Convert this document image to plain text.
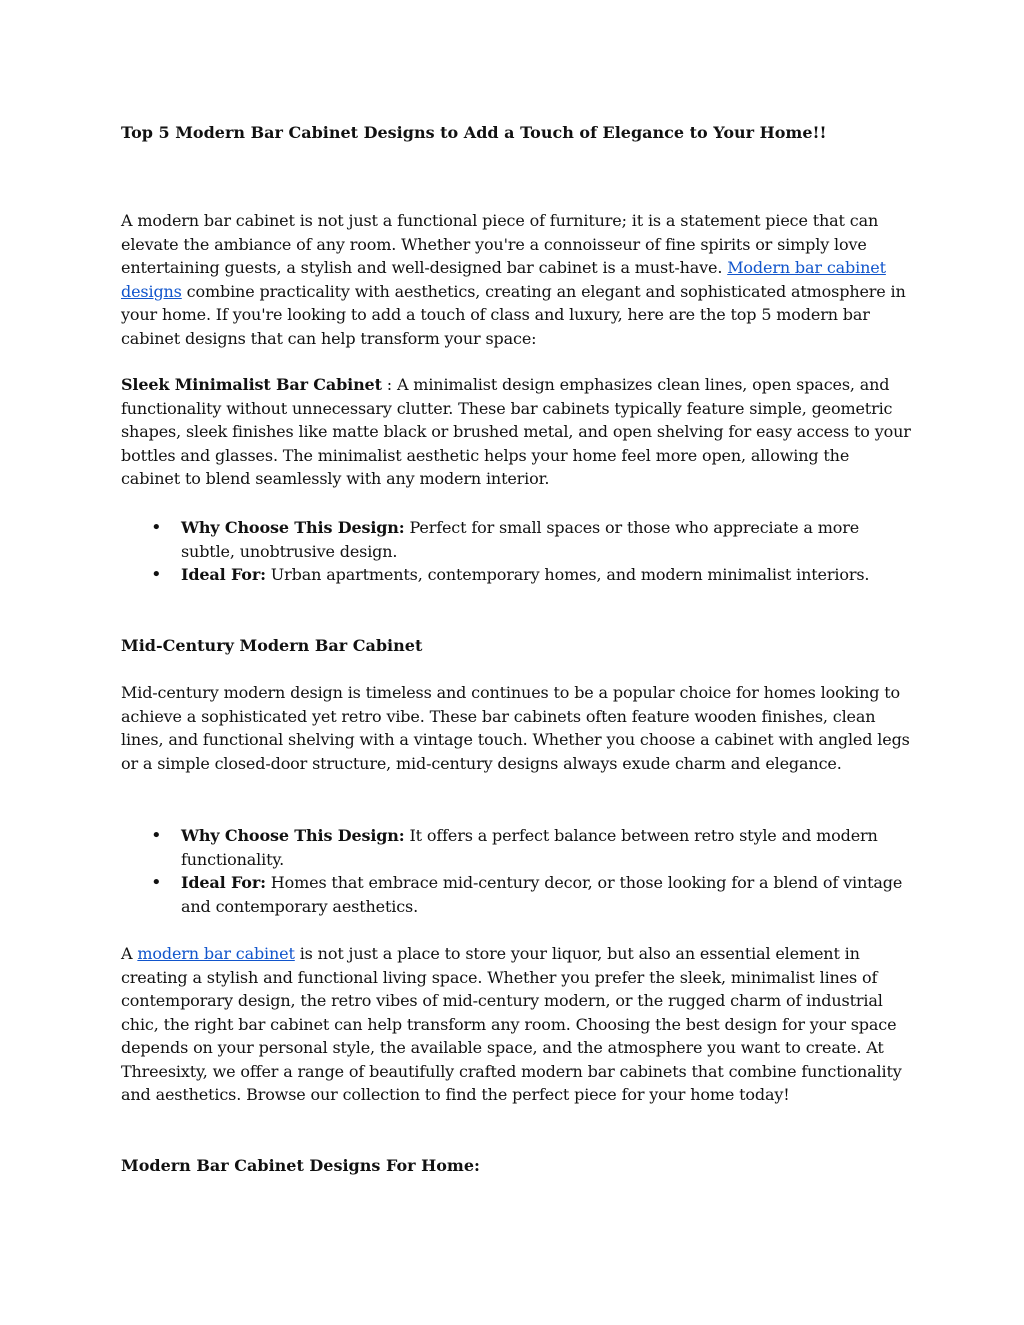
Top 5 Modern Bar Cabinet Designs to Add a Touch of Elegance to Your Home!!

A modern bar cabinet is not just a functional piece of furniture; it is a statement piece that can elevate the ambiance of any room. Whether you're a connoisseur of fine spirits or simply love entertaining guests, a stylish and well-designed bar cabinet is a must-have. Modern bar cabinet designs combine practicality with aesthetics, creating an elegant and sophisticated atmosphere in your home. If you're looking to add a touch of class and luxury, here are the top 5 modern bar cabinet designs that can help transform your space:

Sleek Minimalist Bar Cabinet : A minimalist design emphasizes clean lines, open spaces, and functionality without unnecessary clutter. These bar cabinets typically feature simple, geometric shapes, sleek finishes like matte black or brushed metal, and open shelving for easy access to your bottles and glasses. The minimalist aesthetic helps your home feel more open, allowing the cabinet to blend seamlessly with any modern interior.

• Why Choose This Design: Perfect for small spaces or those who appreciate a more subtle, unobtrusive design.
• Ideal For: Urban apartments, contemporary homes, and modern minimalist interiors.
Mid-Century Modern Bar Cabinet

Mid-century modern design is timeless and continues to be a popular choice for homes looking to achieve a sophisticated yet retro vibe. These bar cabinets often feature wooden finishes, clean lines, and functional shelving with a vintage touch. Whether you choose a cabinet with angled legs or a simple closed-door structure, mid-century designs always exude charm and elegance.

• Why Choose This Design: It offers a perfect balance between retro style and modern functionality.
• Ideal For: Homes that embrace mid-century decor, or those looking for a blend of vintage and contemporary aesthetics.

A modern bar cabinet is not just a place to store your liquor, but also an essential element in creating a stylish and functional living space. Whether you prefer the sleek, minimalist lines of contemporary design, the retro vibes of mid-century modern, or the rugged charm of industrial chic, the right bar cabinet can help transform any room. Choosing the best design for your space depends on your personal style, the available space, and the atmosphere you want to create. At Threesixty, we offer a range of beautifully crafted modern bar cabinets that combine functionality and aesthetics. Browse our collection to find the perfect piece for your home today!

Modern Bar Cabinet Designs For Home:
